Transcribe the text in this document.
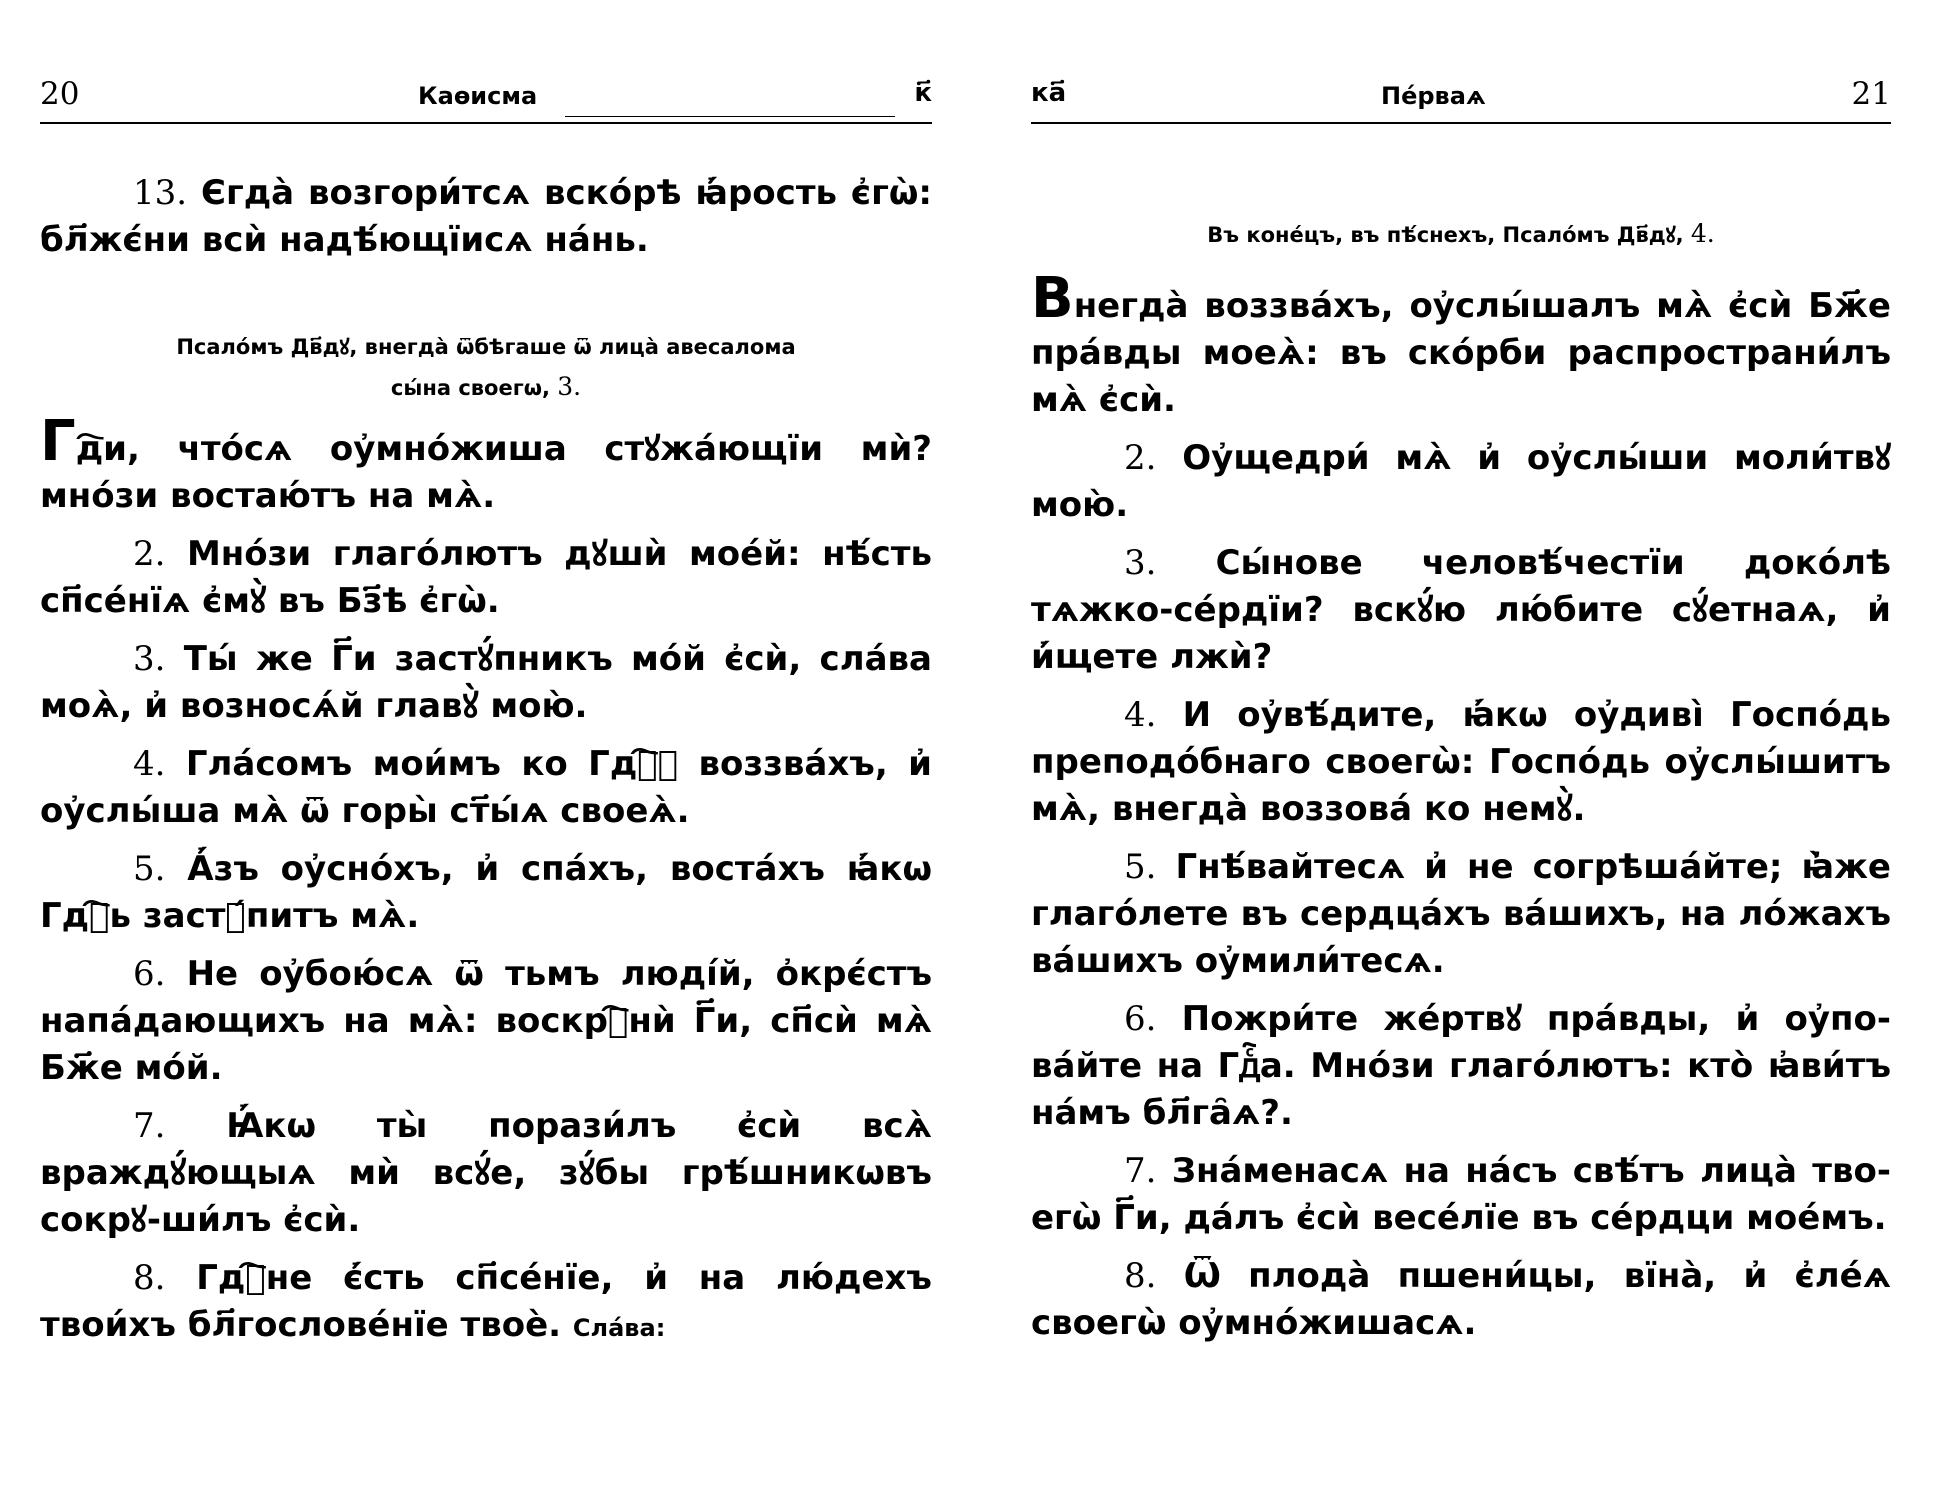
20	Каѳисма	к҃

13. Єгда̀ возгори́тсѧ вско́рѣ ꙗ҆́рость є҆гѡ̀: бл҃жє́ни всѝ надѣ́ющїисѧ на́нь.

Псало́мъ Дв҃дꙋ, внегда̀ ѿбѣгаше ѿ лица̀ авесалома
сы́на своегѡ, 3.

Гд҇и, что́сѧ оу҆мно́жиша стꙋжа́ющїи мѝ? мно́зи востаю́тъ на мѧ̀.

2. Мно́зи глаго́лютъ дꙋшѝ мое́й: нѣ́сть сп҃се́нїѧ є҆мꙋ̀ въ Бз҃ѣ є҆гѡ̀.

3. Ты́ же Г҃и застꙋ́пникъ мо́й є҆сѝ, сла́ва моѧ̀, и҆ возносѧ́й главꙋ̀ мою̀.

4. Гла́сомъ мои́мъ ко Гдⷭ҇ꙋ воззва́хъ, и҆ оу҆слы́ша мѧ̀ ѿ горы̀ ст҃ы́ѧ своеѧ̀.

5. А҆́зъ оу҆сно́хъ, и҆ спа́хъ, воста́хъ ꙗ҆́кѡ Гдⷭ҇ь застꙋ́питъ мѧ̀.

6. Не оу҆бою́сѧ ѿ тьмъ люді́й, о҆крє́стъ напа́дающихъ на мѧ̀: воскрⷭ҇нѝ Г҃и, сп҃сѝ мѧ̀ Бж҃е мо́й.

7. Ꙗ҆́кѡ ты̀ порази́лъ є҆сѝ всѧ̀ враждꙋ́ющыѧ мѝ всꙋ́е, зꙋ́бы грѣ́шникѡвъ сокрꙋ-ши́лъ є҆сѝ.

8. Гдⷭ҇не є҆́сть сп҃се́нїе, и҆ на лю́дехъ твои́хъ бл҃гослове́нїе твоѐ. Сла́ва:

ка҃	Пе́рваѧ	21

Въ коне́цъ, въ пѣ́снехъ, Псало́мъ Дв҃дꙋ, 4.

Внегда̀ воззва́хъ, оу҆слы́шалъ мѧ̀ є҆сѝ Бж҃е пра́вды моеѧ̀: въ ско́рби распространи́лъ мѧ̀ є҆сѝ.

2. Оу҆щедри́ мѧ̀ и҆ оу҆слы́ши моли́твꙋ мою̀.

3. Сы́нове человѣ́честїи доко́лѣ тѧжко-се́рдїи? вскꙋ́ю лю́бите сꙋ́етнаѧ, и҆ и҆́щете лжѝ?

4. И оу҆вѣ́дите, ꙗ҆́кѡ оу҆диві̀ Госпо́дь преподо́бнаго своегѡ̀: Госпо́дь оу҆слы́шитъ мѧ̀, внегда̀ воззова́ ко немꙋ̀.

5. Гнѣ́вайтесѧ и҆ не согрѣша́йте; ꙗ҆̀же глаго́лете въ сердца́хъ ва́шихъ, на ло́жахъ ва́шихъ оу҆мили́тесѧ.

6. Пожри́те же́ртвꙋ пра́вды, и҆ оу҆по-ва́йте на Гдⷭ҇а. Мно́зи глаго́лютъ: кто̀ ꙗ҆ви́тъ на́мъ бл҃га̑ѧ?.

7. Зна́менасѧ на на́съ свѣ́тъ лица̀ тво-егѡ̀ Г҃и, да́лъ є҆сѝ весе́лїе въ се́рдци мое́мъ.

8. Ѿ плода̀ пшени́цы, вїна̀, и҆ є҆ле́ѧ своегѡ̀ оу҆мно́жишасѧ.
